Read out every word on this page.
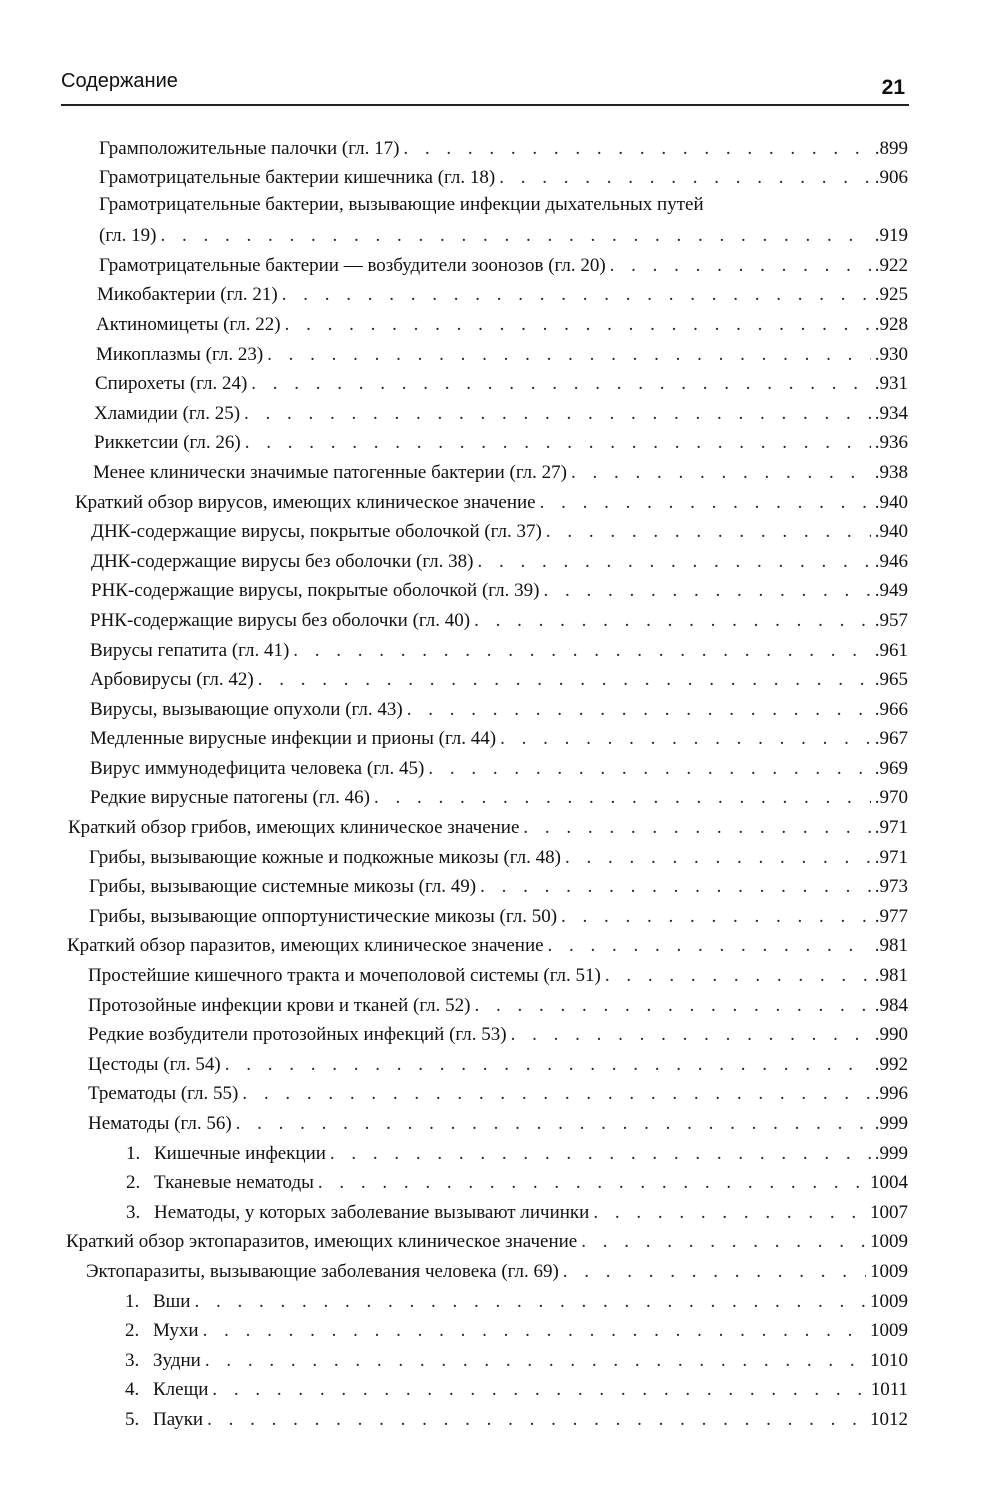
Содержание	21
Грамположительные палочки (гл. 17) . . .	.899
Грамотрицательные бактерии кишечника (гл. 18) . . .	.906
Грамотрицательные бактерии, вызывающие инфекции дыхательных путей
(гл. 19) . . .	.919
Грамотрицательные бактерии — возбудители зоонозов (гл. 20) . . .	.922
Микобактерии (гл. 21) . . .	.925
Актиномицеты (гл. 22) . . .	.928
Микоплазмы (гл. 23) . . .	.930
Спирохеты (гл. 24) . . .	.931
Хламидии (гл. 25) . . .	.934
Риккетсии (гл. 26) . . .	.936
Менее клинически значимые патогенные бактерии (гл. 27) . . .	.938
Краткий обзор вирусов, имеющих клиническое значение . . .	.940
ДНК-содержащие вирусы, покрытые оболочкой (гл. 37) . . .	.940
ДНК-содержащие вирусы без оболочки (гл. 38) . . .	.946
РНК-содержащие вирусы, покрытые оболочкой (гл. 39) . . .	.949
РНК-содержащие вирусы без оболочки (гл. 40) . . .	.957
Вирусы гепатита (гл. 41) . . .	.961
Арбовирусы (гл. 42) . . .	.965
Вирусы, вызывающие опухоли (гл. 43) . . .	.966
Медленные вирусные инфекции и прионы (гл. 44) . . .	.967
Вирус иммунодефицита человека (гл. 45) . . .	.969
Редкие вирусные патогены (гл. 46) . . .	.970
Краткий обзор грибов, имеющих клиническое значение . . .	.971
Грибы, вызывающие кожные и подкожные микозы (гл. 48) . . .	.971
Грибы, вызывающие системные микозы (гл. 49) . . .	.973
Грибы, вызывающие оппортунистические микозы (гл. 50) . . .	.977
Краткий обзор паразитов, имеющих клиническое значение . . .	.981
Простейшие кишечного тракта и мочеполовой системы (гл. 51) . . .	.981
Протозойные инфекции крови и тканей (гл. 52) . . .	.984
Редкие возбудители протозойных инфекций (гл. 53) . . .	.990
Цестоды (гл. 54) . . .	.992
Трематоды (гл. 55) . . .	.996
Нематоды (гл. 56) . . .	.999
1. Кишечные инфекции . . .	.999
2. Тканевые нематоды . . .	1004
3. Нематоды, у которых заболевание вызывают личинки . . .	1007
Краткий обзор эктопаразитов, имеющих клиническое значение . . .	1009
Эктопаразиты, вызывающие заболевания человека (гл. 69) . . .	1009
1. Вши . . .	1009
2. Мухи . . .	1009
3. Зудни . . .	1010
4. Клещи . . .	1011
5. Пауки . . .	1012
